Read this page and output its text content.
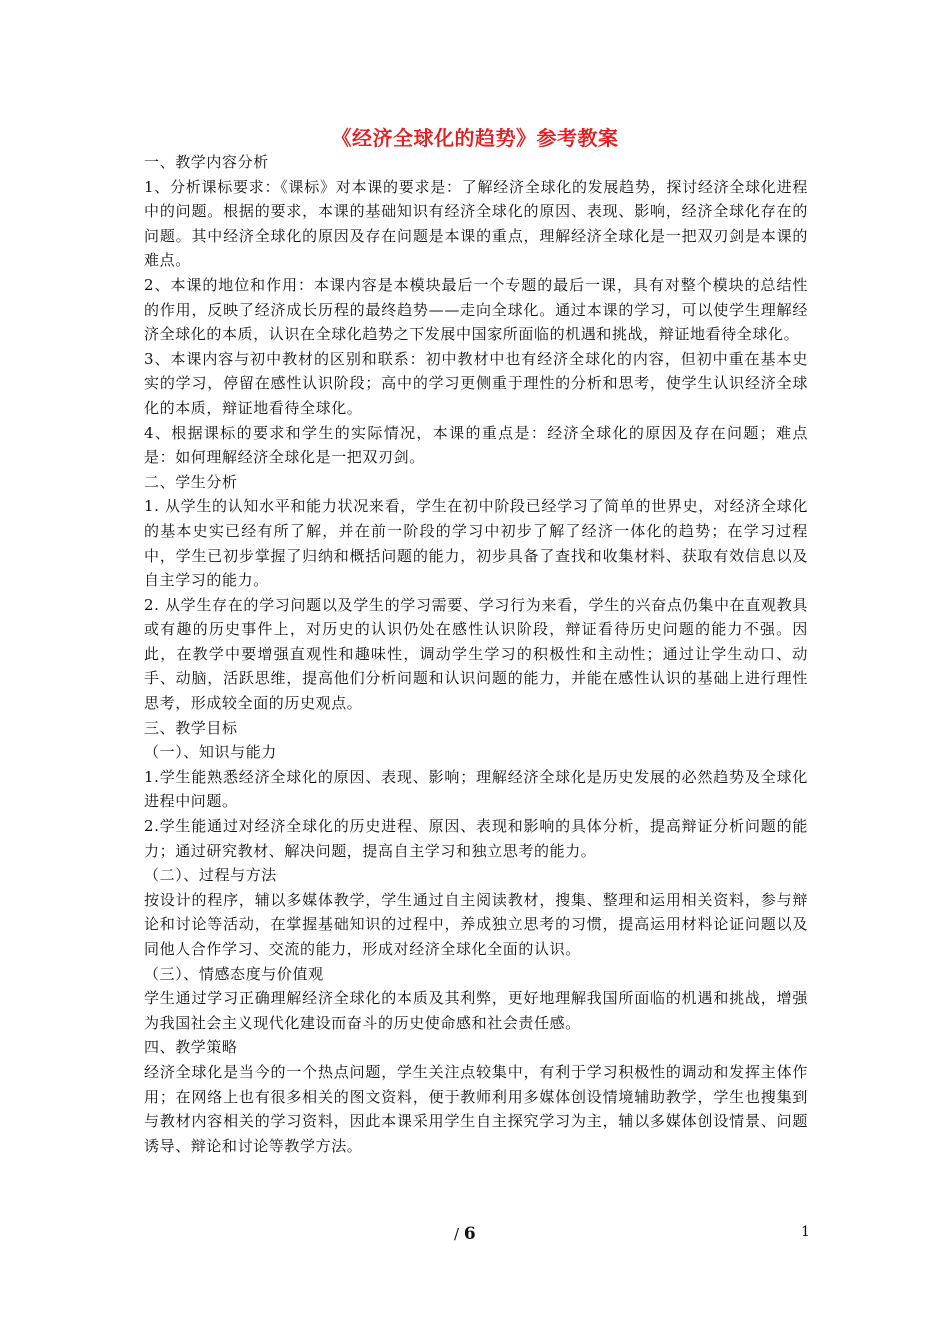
《经济全球化的趋势》参考教案

一、教学内容分析

1、分析课标要求：《课标》对本课的要求是：了解经济全球化的发展趋势，探讨经济全球化进程中的问题。根据的要求，本课的基础知识有经济全球化的原因、表现、影响，经济全球化存在的问题。其中经济全球化的原因及存在问题是本课的重点，理解经济全球化是一把双刃剑是本课的难点。

2、本课的地位和作用：本课内容是本模块最后一个专题的最后一课，具有对整个模块的总结性的作用，反映了经济成长历程的最终趋势——走向全球化。通过本课的学习，可以使学生理解经济全球化的本质，认识在全球化趋势之下发展中国家所面临的机遇和挑战，辩证地看待全球化。

3、本课内容与初中教材的区别和联系：初中教材中也有经济全球化的内容，但初中重在基本史实的学习，停留在感性认识阶段；高中的学习更侧重于理性的分析和思考，使学生认识经济全球化的本质，辩证地看待全球化。

4、根据课标的要求和学生的实际情况，本课的重点是：经济全球化的原因及存在问题；难点是：如何理解经济全球化是一把双刃剑。

二、学生分析

1. 从学生的认知水平和能力状况来看，学生在初中阶段已经学习了简单的世界史，对经济全球化的基本史实已经有所了解，并在前一阶段的学习中初步了解了经济一体化的趋势；在学习过程中，学生已初步掌握了归纳和概括问题的能力，初步具备了查找和收集材料、获取有效信息以及自主学习的能力。

2. 从学生存在的学习问题以及学生的学习需要、学习行为来看，学生的兴奋点仍集中在直观教具或有趣的历史事件上，对历史的认识仍处在感性认识阶段，辩证看待历史问题的能力不强。因此，在教学中要增强直观性和趣味性，调动学生学习的积极性和主动性；通过让学生动口、动手、动脑，活跃思维，提高他们分析问题和认识问题的能力，并能在感性认识的基础上进行理性思考，形成较全面的历史观点。

三、教学目标

（一）、知识与能力

1.学生能熟悉经济全球化的原因、表现、影响；理解经济全球化是历史发展的必然趋势及全球化进程中问题。

2.学生能通过对经济全球化的历史进程、原因、表现和影响的具体分析，提高辩证分析问题的能力；通过研究教材、解决问题，提高自主学习和独立思考的能力。

（二）、过程与方法

按设计的程序，辅以多媒体教学，学生通过自主阅读教材，搜集、整理和运用相关资料，参与辩论和讨论等活动，在掌握基础知识的过程中，养成独立思考的习惯，提高运用材料论证问题以及同他人合作学习、交流的能力，形成对经济全球化全面的认识。

（三）、情感态度与价值观

学生通过学习正确理解经济全球化的本质及其利弊，更好地理解我国所面临的机遇和挑战，增强为我国社会主义现代化建设而奋斗的历史使命感和社会责任感。

四、教学策略

经济全球化是当今的一个热点问题，学生关注点较集中，有利于学习积极性的调动和发挥主体作用；在网络上也有很多相关的图文资料，便于教师利用多媒体创设情境辅助教学，学生也搜集到与教材内容相关的学习资料，因此本课采用学生自主探究学习为主，辅以多媒体创设情景、问题诱导、辩论和讨论等教学方法。

/ 6	1
